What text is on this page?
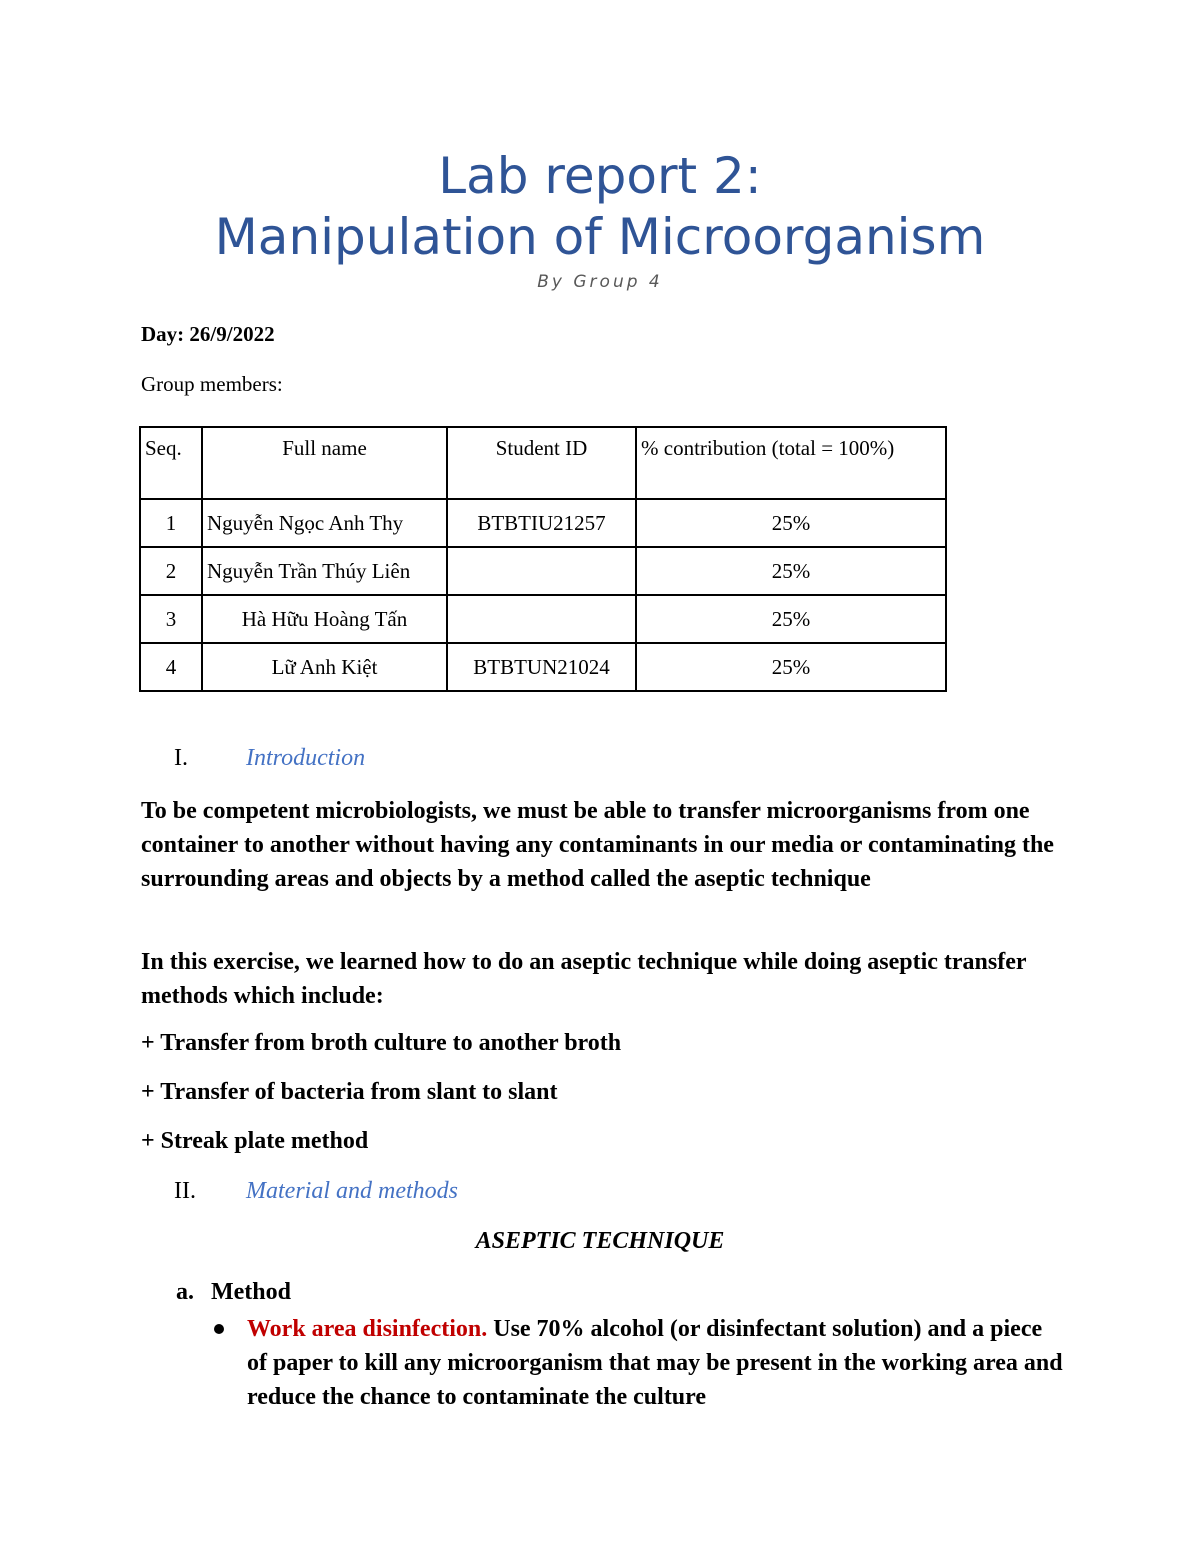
Lab report 2:
Manipulation of Microorganism
By Group 4
Day: 26/9/2022
Group members:
Seq.	Full name	Student ID	% contribution (total = 100%)
1	Nguyễn Ngọc Anh Thy	BTBTIU21257	25%
2	Nguyễn Trần Thúy Liên		25%
3	Hà Hữu Hoàng Tấn		25%
4	Lữ Anh Kiệt	BTBTUN21024	25%
I. Introduction

To be competent microbiologists, we must be able to transfer microorganisms from one container to another without having any contaminants in our media or contaminating the surrounding areas and objects by a method called the aseptic technique

In this exercise, we learned how to do an aseptic technique while doing aseptic transfer methods which include:

+ Transfer from broth culture to another broth
+ Transfer of bacteria from slant to slant
+ Streak plate method
II. Material and methods
ASEPTIC TECHNIQUE
a. Method

Work area disinfection. Use 70% alcohol (or disinfectant solution) and a piece of paper to kill any microorganism that may be present in the working area and reduce the chance to contaminate the culture
